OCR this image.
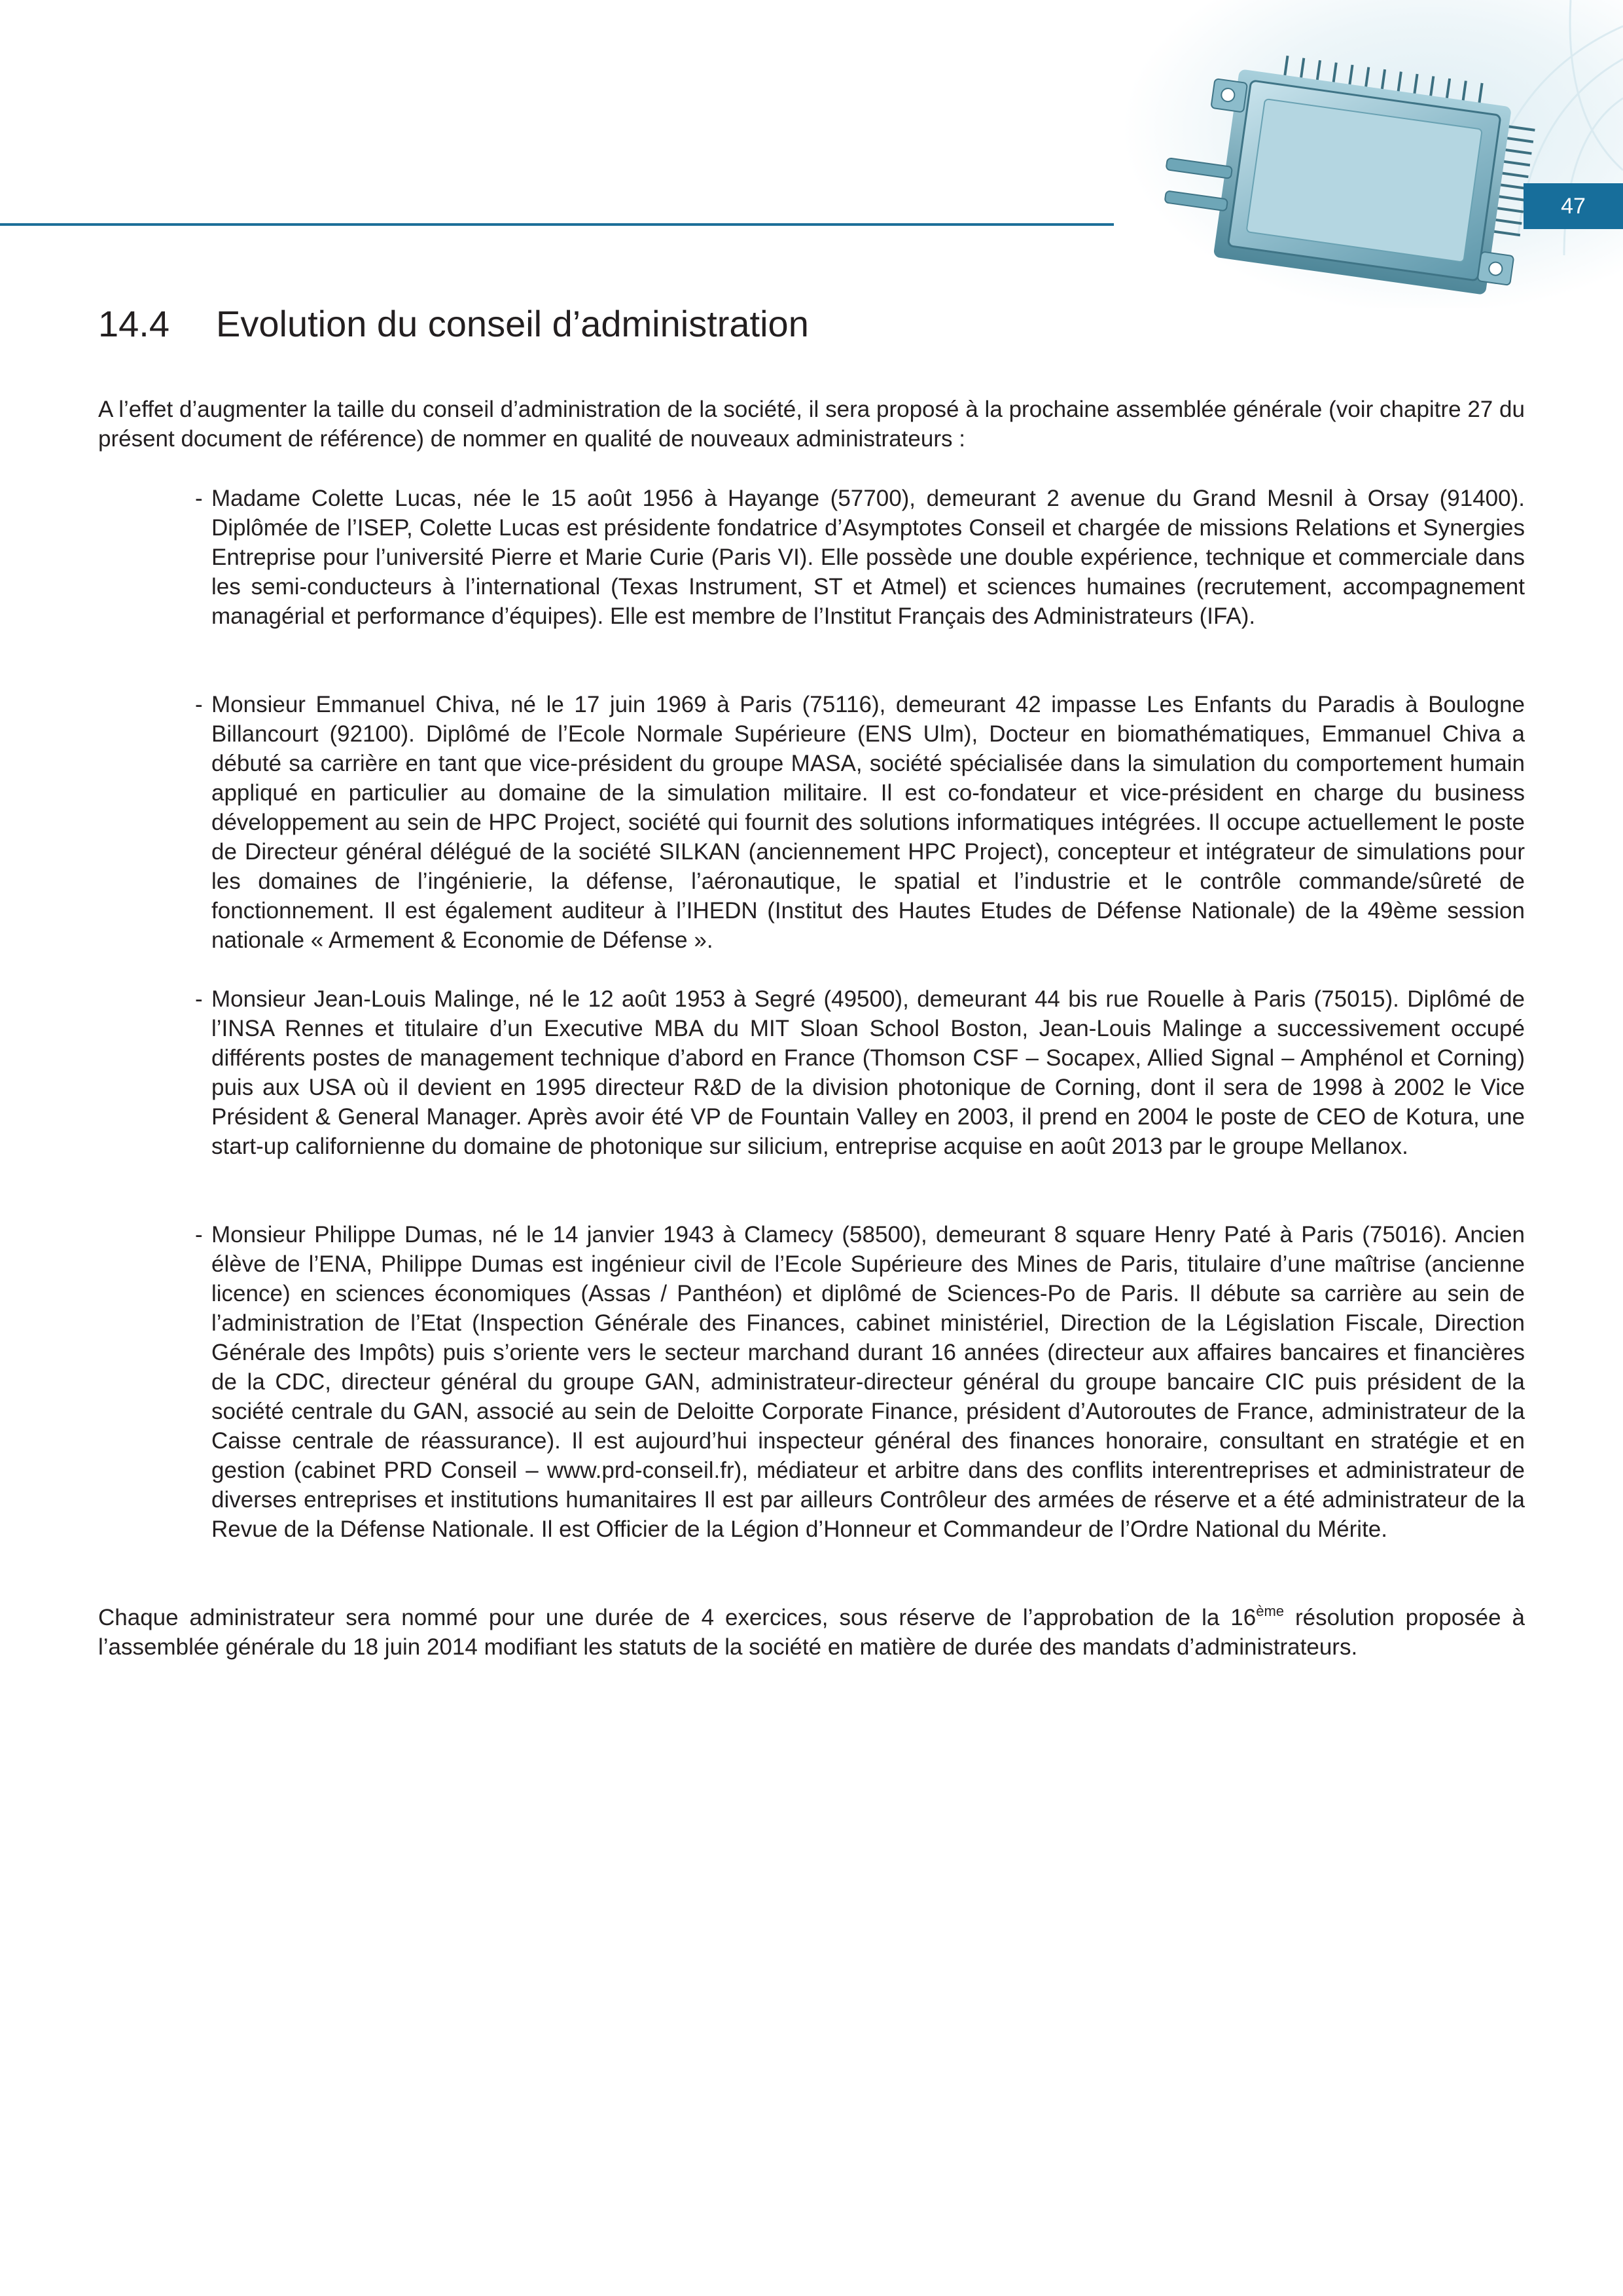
47
14.4 Evolution du conseil d’administration

A l’effet d’augmenter la taille du conseil d’administration de la société, il sera proposé à la prochaine assemblée générale (voir chapitre 27 du présent document de référence) de nommer en qualité de nouveaux administrateurs :

- Madame Colette Lucas, née le 15 août 1956 à Hayange (57700), demeurant 2 avenue du Grand Mesnil à Orsay (91400). Diplômée de l’ISEP, Colette Lucas est présidente fondatrice d’Asymptotes Conseil et chargée de missions Relations et Synergies Entreprise pour l’université Pierre et Marie Curie (Paris VI). Elle possède une double expérience, technique et commerciale dans les semi-conducteurs à l’international (Texas Instrument, ST et Atmel) et sciences humaines (recrutement, accompagnement managérial et performance d’équipes). Elle est membre de l’Institut Français des Administrateurs (IFA).

- Monsieur Emmanuel Chiva, né le 17 juin 1969 à Paris (75116), demeurant 42 impasse Les Enfants du Paradis à Boulogne Billancourt (92100). Diplômé de l’Ecole Normale Supérieure (ENS Ulm), Docteur en biomathématiques, Emmanuel Chiva a débuté sa carrière en tant que vice-président du groupe MASA, société spécialisée dans la simulation du comportement humain appliqué en particulier au domaine de la simulation militaire. Il est co-fondateur et vice-président en charge du business développement au sein de HPC Project, société qui fournit des solutions informatiques intégrées. Il occupe actuellement le poste de Directeur général délégué de la société SILKAN (anciennement HPC Project), concepteur et intégrateur de simulations pour les domaines de l’ingénierie, la défense, l’aéronautique, le spatial et l’industrie et le contrôle commande/sûreté de fonctionnement. Il est également auditeur à l’IHEDN (Institut des Hautes Etudes de Défense Nationale) de la 49ème session nationale « Armement & Economie de Défense ».

- Monsieur Jean-Louis Malinge, né le 12 août 1953 à Segré (49500), demeurant 44 bis rue Rouelle à Paris (75015). Diplômé de l’INSA Rennes et titulaire d’un Executive MBA du MIT Sloan School Boston, Jean-Louis Malinge a successivement occupé différents postes de management technique d’abord en France (Thomson CSF – Socapex, Allied Signal – Amphénol et Corning) puis aux USA où il devient en 1995 directeur R&D de la division photonique de Corning, dont il sera de 1998 à 2002 le Vice Président & General Manager. Après avoir été VP de Fountain Valley en 2003, il prend en 2004 le poste de CEO de Kotura, une start-up californienne du domaine de photonique sur silicium, entreprise acquise en août 2013 par le groupe Mellanox.

- Monsieur Philippe Dumas, né le 14 janvier 1943 à Clamecy (58500), demeurant 8 square Henry Paté à Paris (75016). Ancien élève de l’ENA, Philippe Dumas est ingénieur civil de l’Ecole Supérieure des Mines de Paris, titulaire d’une maîtrise (ancienne licence) en sciences économiques (Assas / Panthéon) et diplômé de Sciences-Po de Paris. Il débute sa carrière au sein de l’administration de l’Etat (Inspection Générale des Finances, cabinet ministériel, Direction de la Législation Fiscale, Direction Générale des Impôts) puis s’oriente vers le secteur marchand durant 16 années (directeur aux affaires bancaires et financières de la CDC, directeur général du groupe GAN, administrateur-directeur général du groupe bancaire CIC puis président de la société centrale du GAN, associé au sein de Deloitte Corporate Finance, président d’Autoroutes de France, administrateur de la Caisse centrale de réassurance). Il est aujourd’hui inspecteur général des finances honoraire, consultant en stratégie et en gestion (cabinet PRD Conseil – www.prd-conseil.fr), médiateur et arbitre dans des conflits interentreprises et administrateur de diverses entreprises et institutions humanitaires Il est par ailleurs Contrôleur des armées de réserve et a été administrateur de la Revue de la Défense Nationale. Il est Officier de la Légion d’Honneur et Commandeur de l’Ordre National du Mérite.

Chaque administrateur sera nommé pour une durée de 4 exercices, sous réserve de l’approbation de la 16ème résolution proposée à l’assemblée générale du 18 juin 2014 modifiant les statuts de la société en matière de durée des mandats d’administrateurs.
